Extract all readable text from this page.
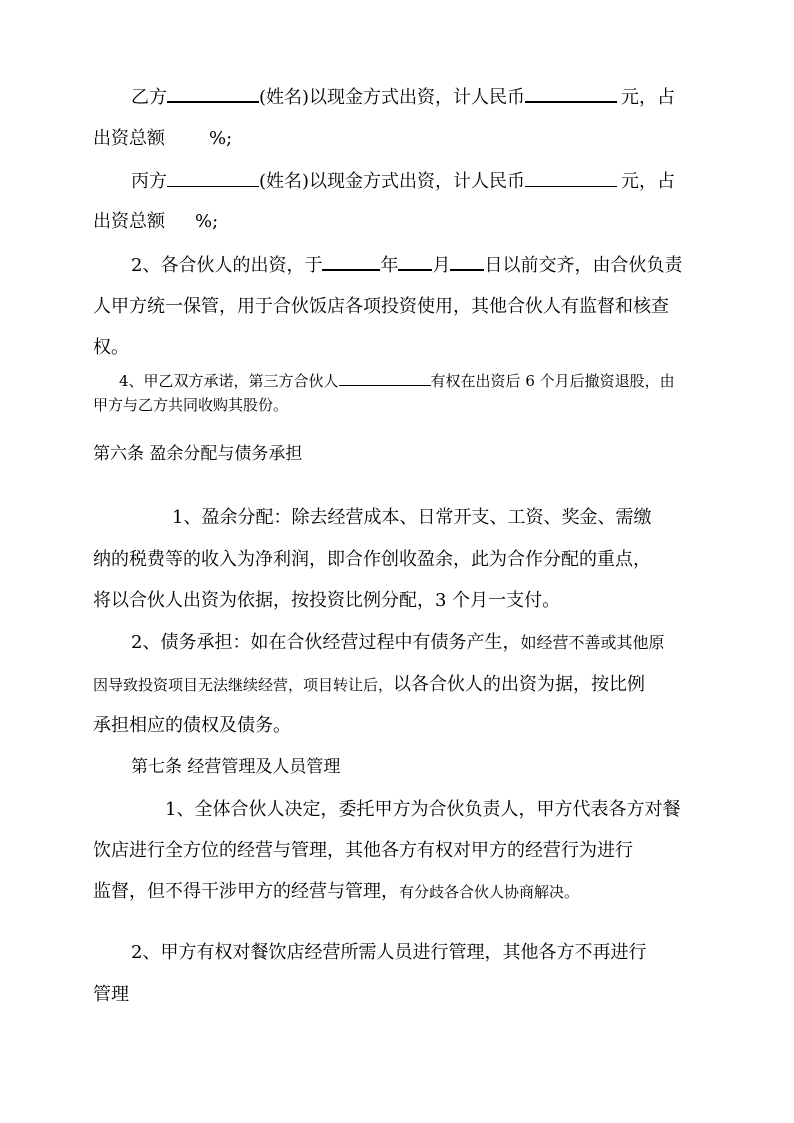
乙方	(姓名)以现金方式出资，计人民币	元，占
出资总额 %;
丙方	(姓名)以现金方式出资，计人民币	元，占
出资总额 %;
2、各合伙人的出资，于	年 月 日以前交齐，由合伙负责
人甲方统一保管，用于合伙饭店各项投资使用，其他合伙人有监督和核查
权。
4、甲乙双方承诺，第三方合伙人	有权在出资后 6 个月后撤资退股，由
甲方与乙方共同收购其股份。
第六条 盈余分配与债务承担
1、盈余分配：除去经营成本、日常开支、工资、奖金、需缴
纳的税费等的收入为净利润，即合作创收盈余，此为合作分配的重点，
将以合伙人出资为依据，按投资比例分配，3 个月一支付。
2、债务承担：如在合伙经营过程中有债务产生，如经营不善或其他原
因导致投资项目无法继续经营，项目转让后，以各合伙人的出资为据，按比例
承担相应的债权及债务。
第七条 经营管理及人员管理
1、全体合伙人决定，委托甲方为合伙负责人，甲方代表各方对餐
饮店进行全方位的经营与管理，其他各方有权对甲方的经营行为进行
监督，但不得干涉甲方的经营与管理，有分歧各合伙人协商解决。
2、甲方有权对餐饮店经营所需人员进行管理，其他各方不再进行
管理
